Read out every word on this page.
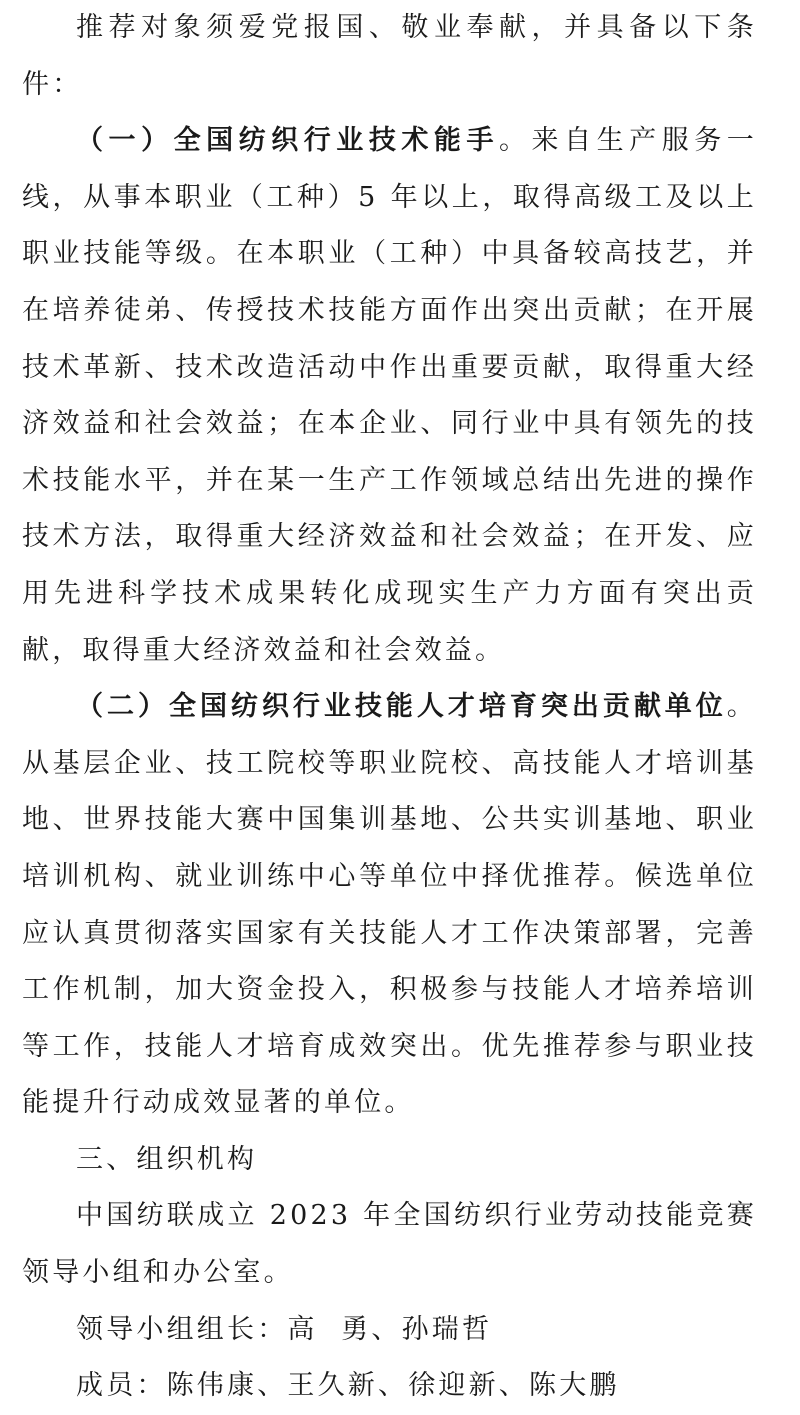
推荐对象须爱党报国、敬业奉献，并具备以下条件：

（一）全国纺织行业技术能手。来自生产服务一线，从事本职业（工种）5 年以上，取得高级工及以上职业技能等级。在本职业（工种）中具备较高技艺，并在培养徒弟、传授技术技能方面作出突出贡献；在开展技术革新、技术改造活动中作出重要贡献，取得重大经济效益和社会效益；在本企业、同行业中具有领先的技术技能水平，并在某一生产工作领域总结出先进的操作技术方法，取得重大经济效益和社会效益；在开发、应用先进科学技术成果转化成现实生产力方面有突出贡献，取得重大经济效益和社会效益。

（二）全国纺织行业技能人才培育突出贡献单位。从基层企业、技工院校等职业院校、高技能人才培训基地、世界技能大赛中国集训基地、公共实训基地、职业培训机构、就业训练中心等单位中择优推荐。候选单位应认真贯彻落实国家有关技能人才工作决策部署，完善工作机制，加大资金投入，积极参与技能人才培养培训等工作，技能人才培育成效突出。优先推荐参与职业技能提升行动成效显著的单位。

三、组织机构

中国纺联成立 2023 年全国纺织行业劳动技能竞赛领导小组和办公室。

领导小组组长：高  勇、孙瑞哲

成员：陈伟康、王久新、徐迎新、陈大鹏
